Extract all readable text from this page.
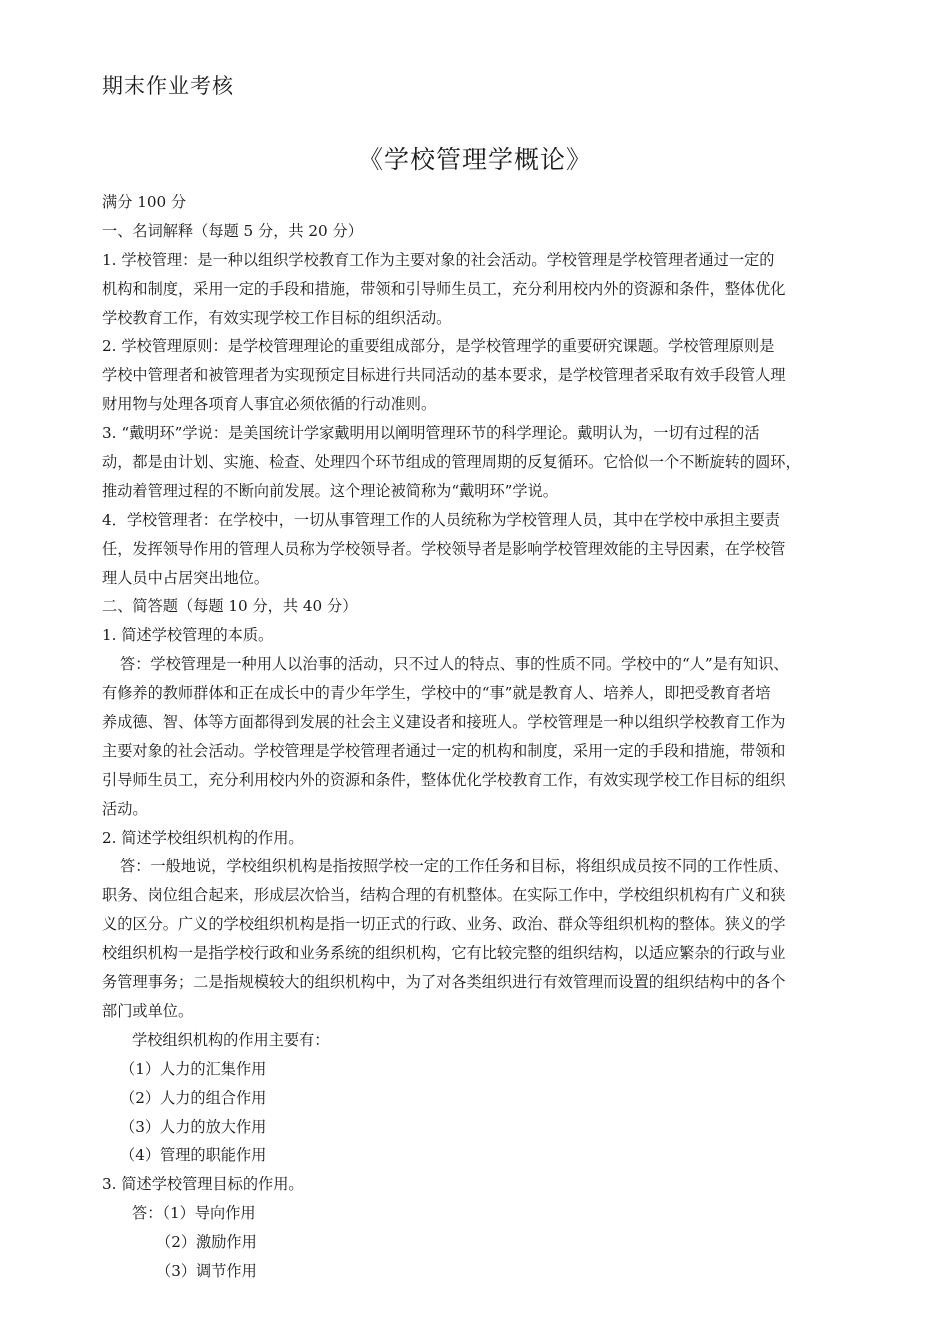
期末作业考核
《学校管理学概论》
满分 100 分
一、名词解释（每题 5 分，共 20 分）
1. 学校管理：是一种以组织学校教育工作为主要对象的社会活动。学校管理是学校管理者通过一定的
机构和制度，采用一定的手段和措施，带领和引导师生员工，充分利用校内外的资源和条件，整体优化
学校教育工作，有效实现学校工作目标的组织活动。
2. 学校管理原则：是学校管理理论的重要组成部分，是学校管理学的重要研究课题。学校管理原则是
学校中管理者和被管理者为实现预定目标进行共同活动的基本要求，是学校管理者采取有效手段管人理
财用物与处理各项育人事宜必须依循的行动准则。
3. “戴明环”学说：是美国统计学家戴明用以阐明管理环节的科学理论。戴明认为，一切有过程的活
动，都是由计划、实施、检查、处理四个环节组成的管理周期的反复循环。它恰似一个不断旋转的圆环，
推动着管理过程的不断向前发展。这个理论被简称为“戴明环”学说。
4．学校管理者：在学校中，一切从事管理工作的人员统称为学校管理人员，其中在学校中承担主要责
任，发挥领导作用的管理人员称为学校领导者。学校领导者是影响学校管理效能的主导因素，在学校管
理人员中占居突出地位。
二、简答题（每题 10 分，共 40 分）
1. 简述学校管理的本质。
答：学校管理是一种用人以治事的活动，只不过人的特点、事的性质不同。学校中的“人”是有知识、
有修养的教师群体和正在成长中的青少年学生，学校中的“事”就是教育人、培养人，即把受教育者培
养成德、智、体等方面都得到发展的社会主义建设者和接班人。学校管理是一种以组织学校教育工作为
主要对象的社会活动。学校管理是学校管理者通过一定的机构和制度，采用一定的手段和措施，带领和
引导师生员工，充分利用校内外的资源和条件，整体优化学校教育工作，有效实现学校工作目标的组织
活动。
2. 简述学校组织机构的作用。
答：一般地说，学校组织机构是指按照学校一定的工作任务和目标，将组织成员按不同的工作性质、
职务、岗位组合起来，形成层次恰当，结构合理的有机整体。在实际工作中，学校组织机构有广义和狭
义的区分。广义的学校组织机构是指一切正式的行政、业务、政治、群众等组织机构的整体。狭义的学
校组织机构一是指学校行政和业务系统的组织机构，它有比较完整的组织结构，以适应繁杂的行政与业
务管理事务；二是指规模较大的组织机构中，为了对各类组织进行有效管理而设置的组织结构中的各个
部门或单位。
学校组织机构的作用主要有：
（1）人力的汇集作用
（2）人力的组合作用
（3）人力的放大作用
（4）管理的职能作用
3. 简述学校管理目标的作用。
答：（1）导向作用
（2）激励作用
（3）调节作用
